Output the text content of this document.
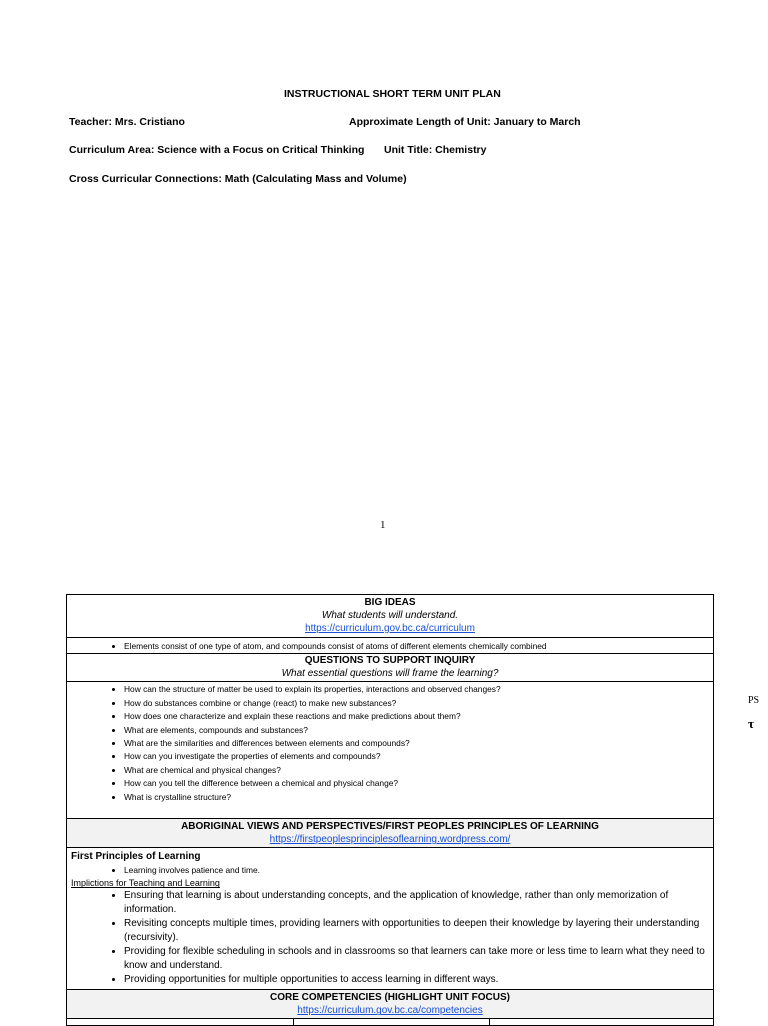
INSTRUCTIONAL SHORT TERM UNIT PLAN
Teacher: Mrs. Cristiano	Approximate Length of Unit: January to March
Curriculum Area: Science with a Focus on Critical Thinking Unit Title: Chemistry
Cross Curricular Connections: Math (Calculating Mass and Volume)
1
PS
τ
BIG IDEAS
What students will understand.
https://curriculum.gov.bc.ca/curriculum

• Elements consist of one type of atom, and compounds consist of atoms of different elements chemically combined

QUESTIONS TO SUPPORT INQUIRY
What essential questions will frame the learning?

• How can the structure of matter be used to explain its properties, interactions and observed changes?
• How do substances combine or change (react) to make new substances?
• How does one characterize and explain these reactions and make predictions about them?
• What are elements, compounds and substances?
• What are the similarities and differences between elements and compounds?
• How can you investigate the properties of elements and compounds?
• What are chemical and physical changes?
• How can you tell the difference between a chemical and physical change?
• What is crystalline structure?

ABORIGINAL VIEWS AND PERSPECTIVES/FIRST PEOPLES PRINCIPLES OF LEARNING
https://firstpeoplesprinciplesoflearning.wordpress.com/

First Principles of Learning
• Learning involves patience and time.
Implictions for Teaching and Learning
• Ensuring that learning is about understanding concepts, and the application of knowledge, rather than only memorization of information.
• Revisiting concepts multiple times, providing learners with opportunities to deepen their knowledge by layering their understanding (recursivity).
• Providing for flexible scheduling in schools and in classrooms so that learners can take more or less time to learn what they need to know and understand.
• Providing opportunities for multiple opportunities to access learning in different ways.

CORE COMPETENCIES (HIGHLIGHT UNIT FOCUS)
https://curriculum.gov.bc.ca/competencies
